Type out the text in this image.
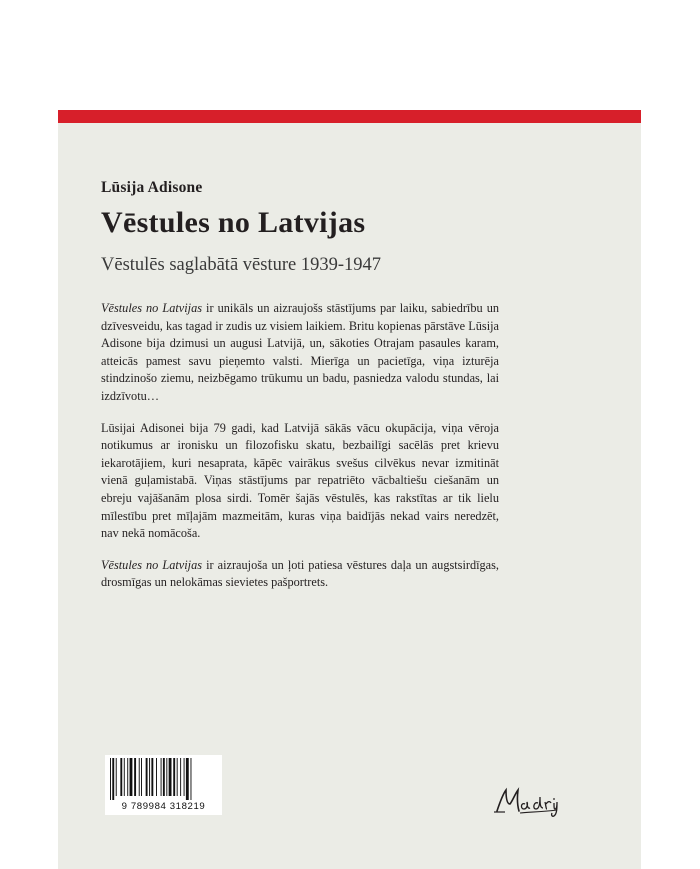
Lūsija Adisone
Vēstules no Latvijas
Vēstulēs saglabātā vēsture 1939-1947

Vēstules no Latvijas ir unikāls un aizraujošs stāstījums par laiku, sabiedrību un dzīvesveidu, kas tagad ir zudis uz visiem laikiem. Britu kopienas pārstāve Lūsija Adisone bija dzimusi un augusi Latvijā, un, sākoties Otrajam pasaules karam, atteicās pamest savu pieņemto valsti. Mierīga un pacietīga, viņa izturēja stindzinošo ziemu, neizbēgamo trūkumu un badu, pasniedza valodu stundas, lai izdzīvotu…

Lūsijai Adisonei bija 79 gadi, kad Latvijā sākās vācu okupācija, viņa vēroja notikumus ar ironisku un filozofisku skatu, bezbailīgi sacēlās pret krievu iekarotājiem, kuri nesaprata, kāpēc vairākus svešus cilvēkus nevar izmitināt vienā guļamistabā. Viņas stāstījums par repatriēto vācbaltiešu ciešanām un ebreju vajāšanām plosa sirdi. Tomēr šajās vēstulēs, kas rakstītas ar tik lielu mīlestību pret mīļajām mazmeitām, kuras viņa baidījās nekad vairs neredzēt, nav nekā nomācoša.

Vēstules no Latvijas ir aizraujoša un ļoti patiesa vēstures daļa un augstsirdīgas, drosmīgas un nelokāmas sievietes pašportrets.

9 789984 318219
